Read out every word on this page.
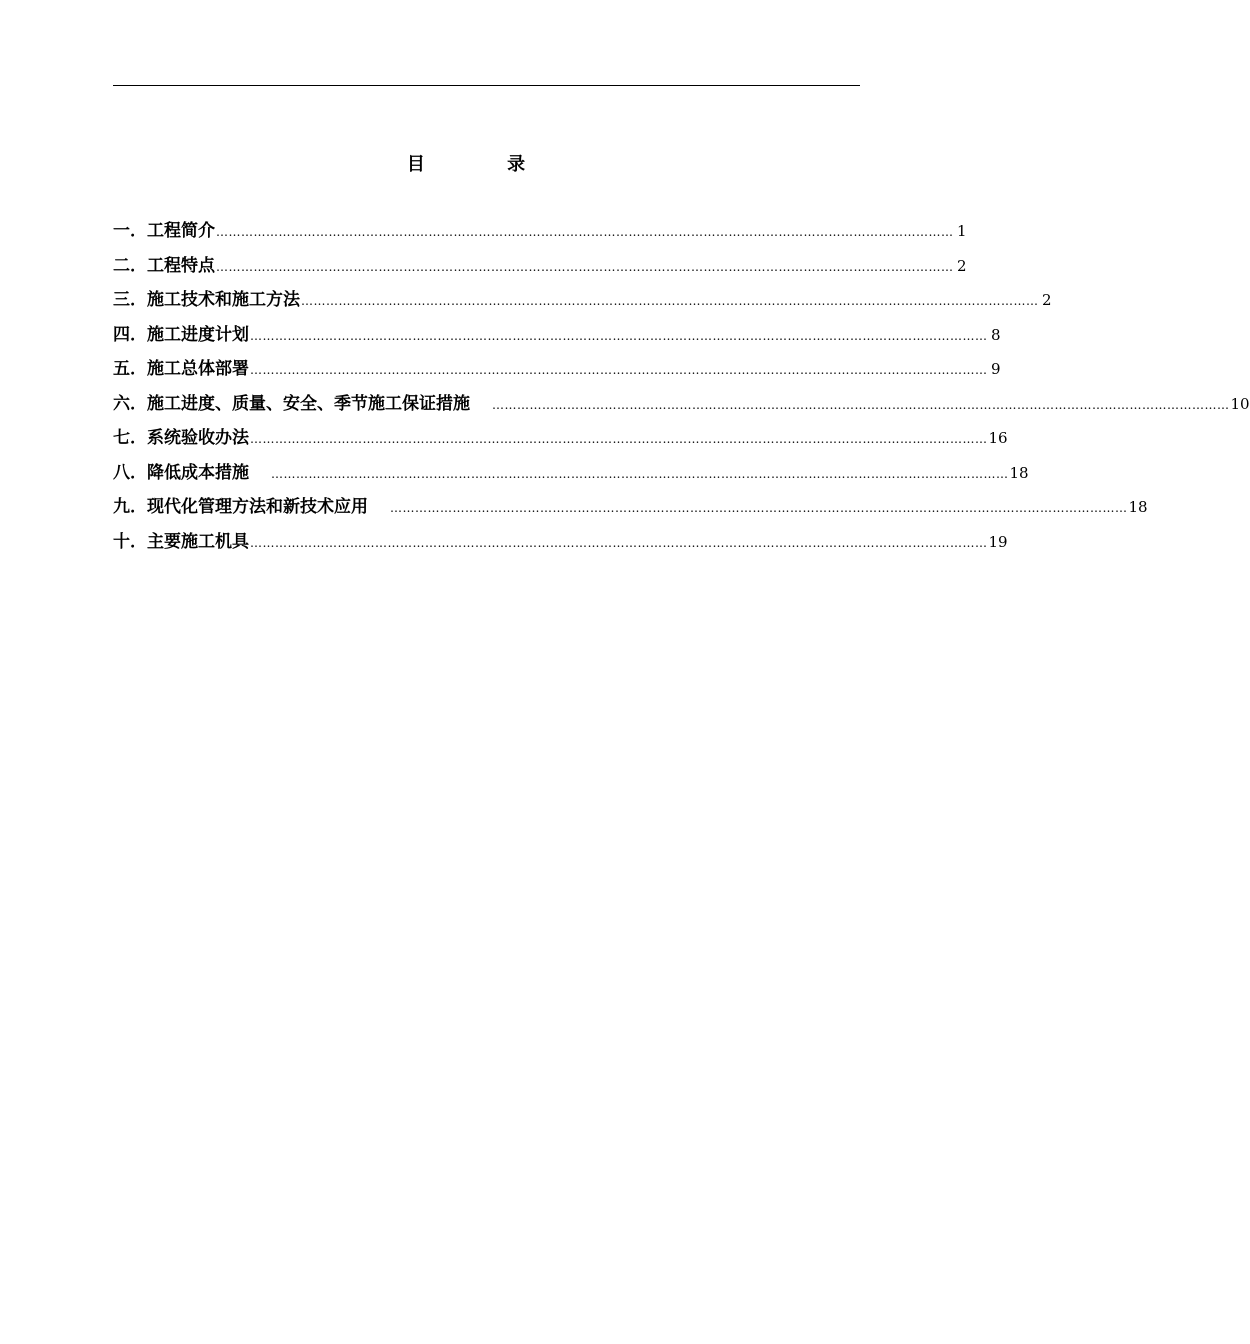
目 录
一． 工程简介 …………………………………………………………………………………………………………………………………………………………… 1
二． 工程特点 …………………………………………………………………………………………………………………………………………………………… 2
三． 施工技术和施工方法 …………………………………………………………………………………………………………………………………………………………… 2
四． 施工进度计划 …………………………………………………………………………………………………………………………………………………………… 8
五． 施工总体部署 …………………………………………………………………………………………………………………………………………………………… 9
六． 施工进度、质量、安全、季节施工保证措施 …………………………………………………………………………………………………………………………………………………………… 10
七． 系统验收办法 …………………………………………………………………………………………………………………………………………………………… 16
八． 降低成本措施 …………………………………………………………………………………………………………………………………………………………… 18
九． 现代化管理方法和新技术应用 …………………………………………………………………………………………………………………………………………………………… 18
十． 主要施工机具 …………………………………………………………………………………………………………………………………………………………… 19
